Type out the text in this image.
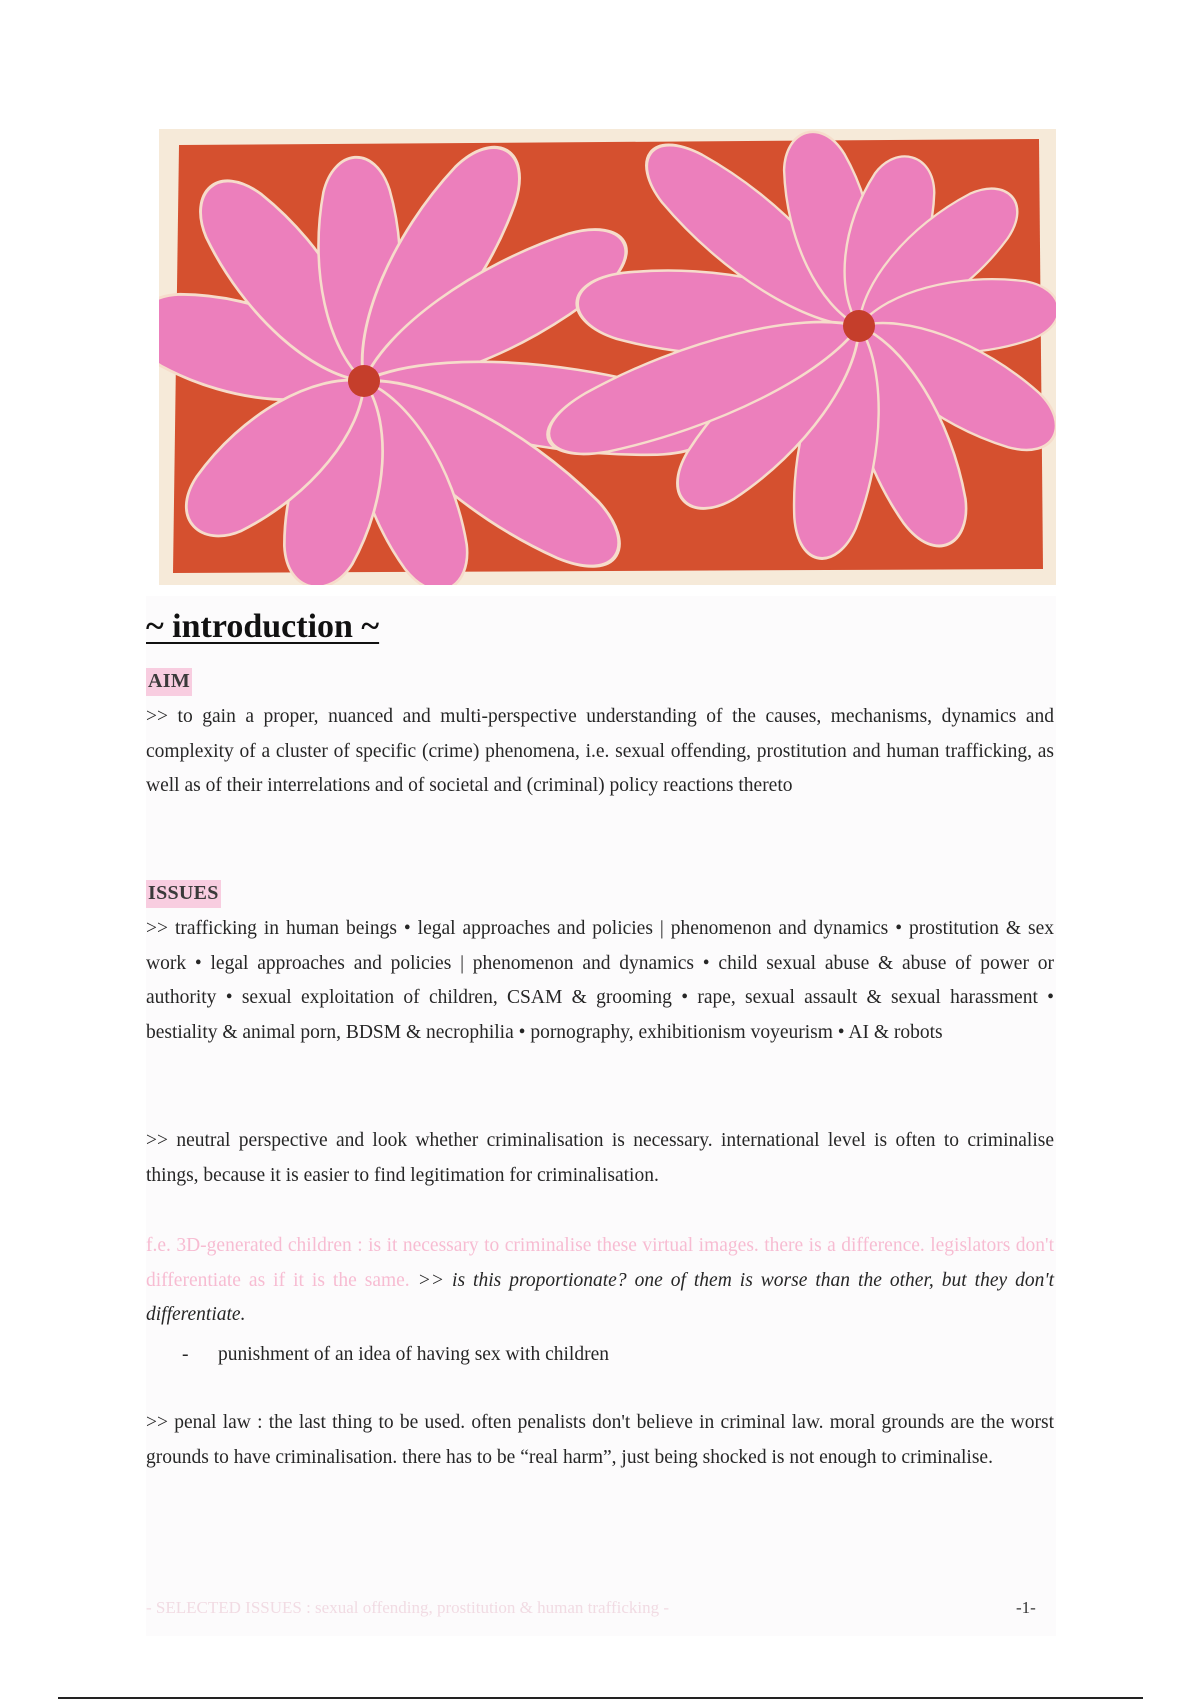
~ introduction ~
AIM

>> to gain a proper, nuanced and multi-perspective understanding of the causes, mechanisms, dynamics and complexity of a cluster of specific (crime) phenomena, i.e. sexual offending, prostitution and human trafficking, as well as of their interrelations and of societal and (criminal) policy reactions thereto

ISSUES

>> trafficking in human beings • legal approaches and policies | phenomenon and dynamics • prostitution & sex work • legal approaches and policies | phenomenon and dynamics • child sexual abuse & abuse of power or authority • sexual exploitation of children, CSAM & grooming • rape, sexual assault & sexual harassment • bestiality & animal porn, BDSM & necrophilia • pornography, exhibitionism voyeurism • AI & robots

>> neutral perspective and look whether criminalisation is necessary. international level is often to criminalise things, because it is easier to find legitimation for criminalisation.

f.e. 3D-generated children : is it necessary to criminalise these virtual images. there is a difference. legislators don't differentiate as if it is the same. >> is this proportionate? one of them is worse than the other, but they don't differentiate.

- punishment of an idea of having sex with children

>> penal law : the last thing to be used. often penalists don't believe in criminal law. moral grounds are the worst grounds to have criminalisation. there has to be “real harm”, just being shocked is not enough to criminalise.

- SELECTED ISSUES : sexual offending, prostitution & human trafficking -	-1-
